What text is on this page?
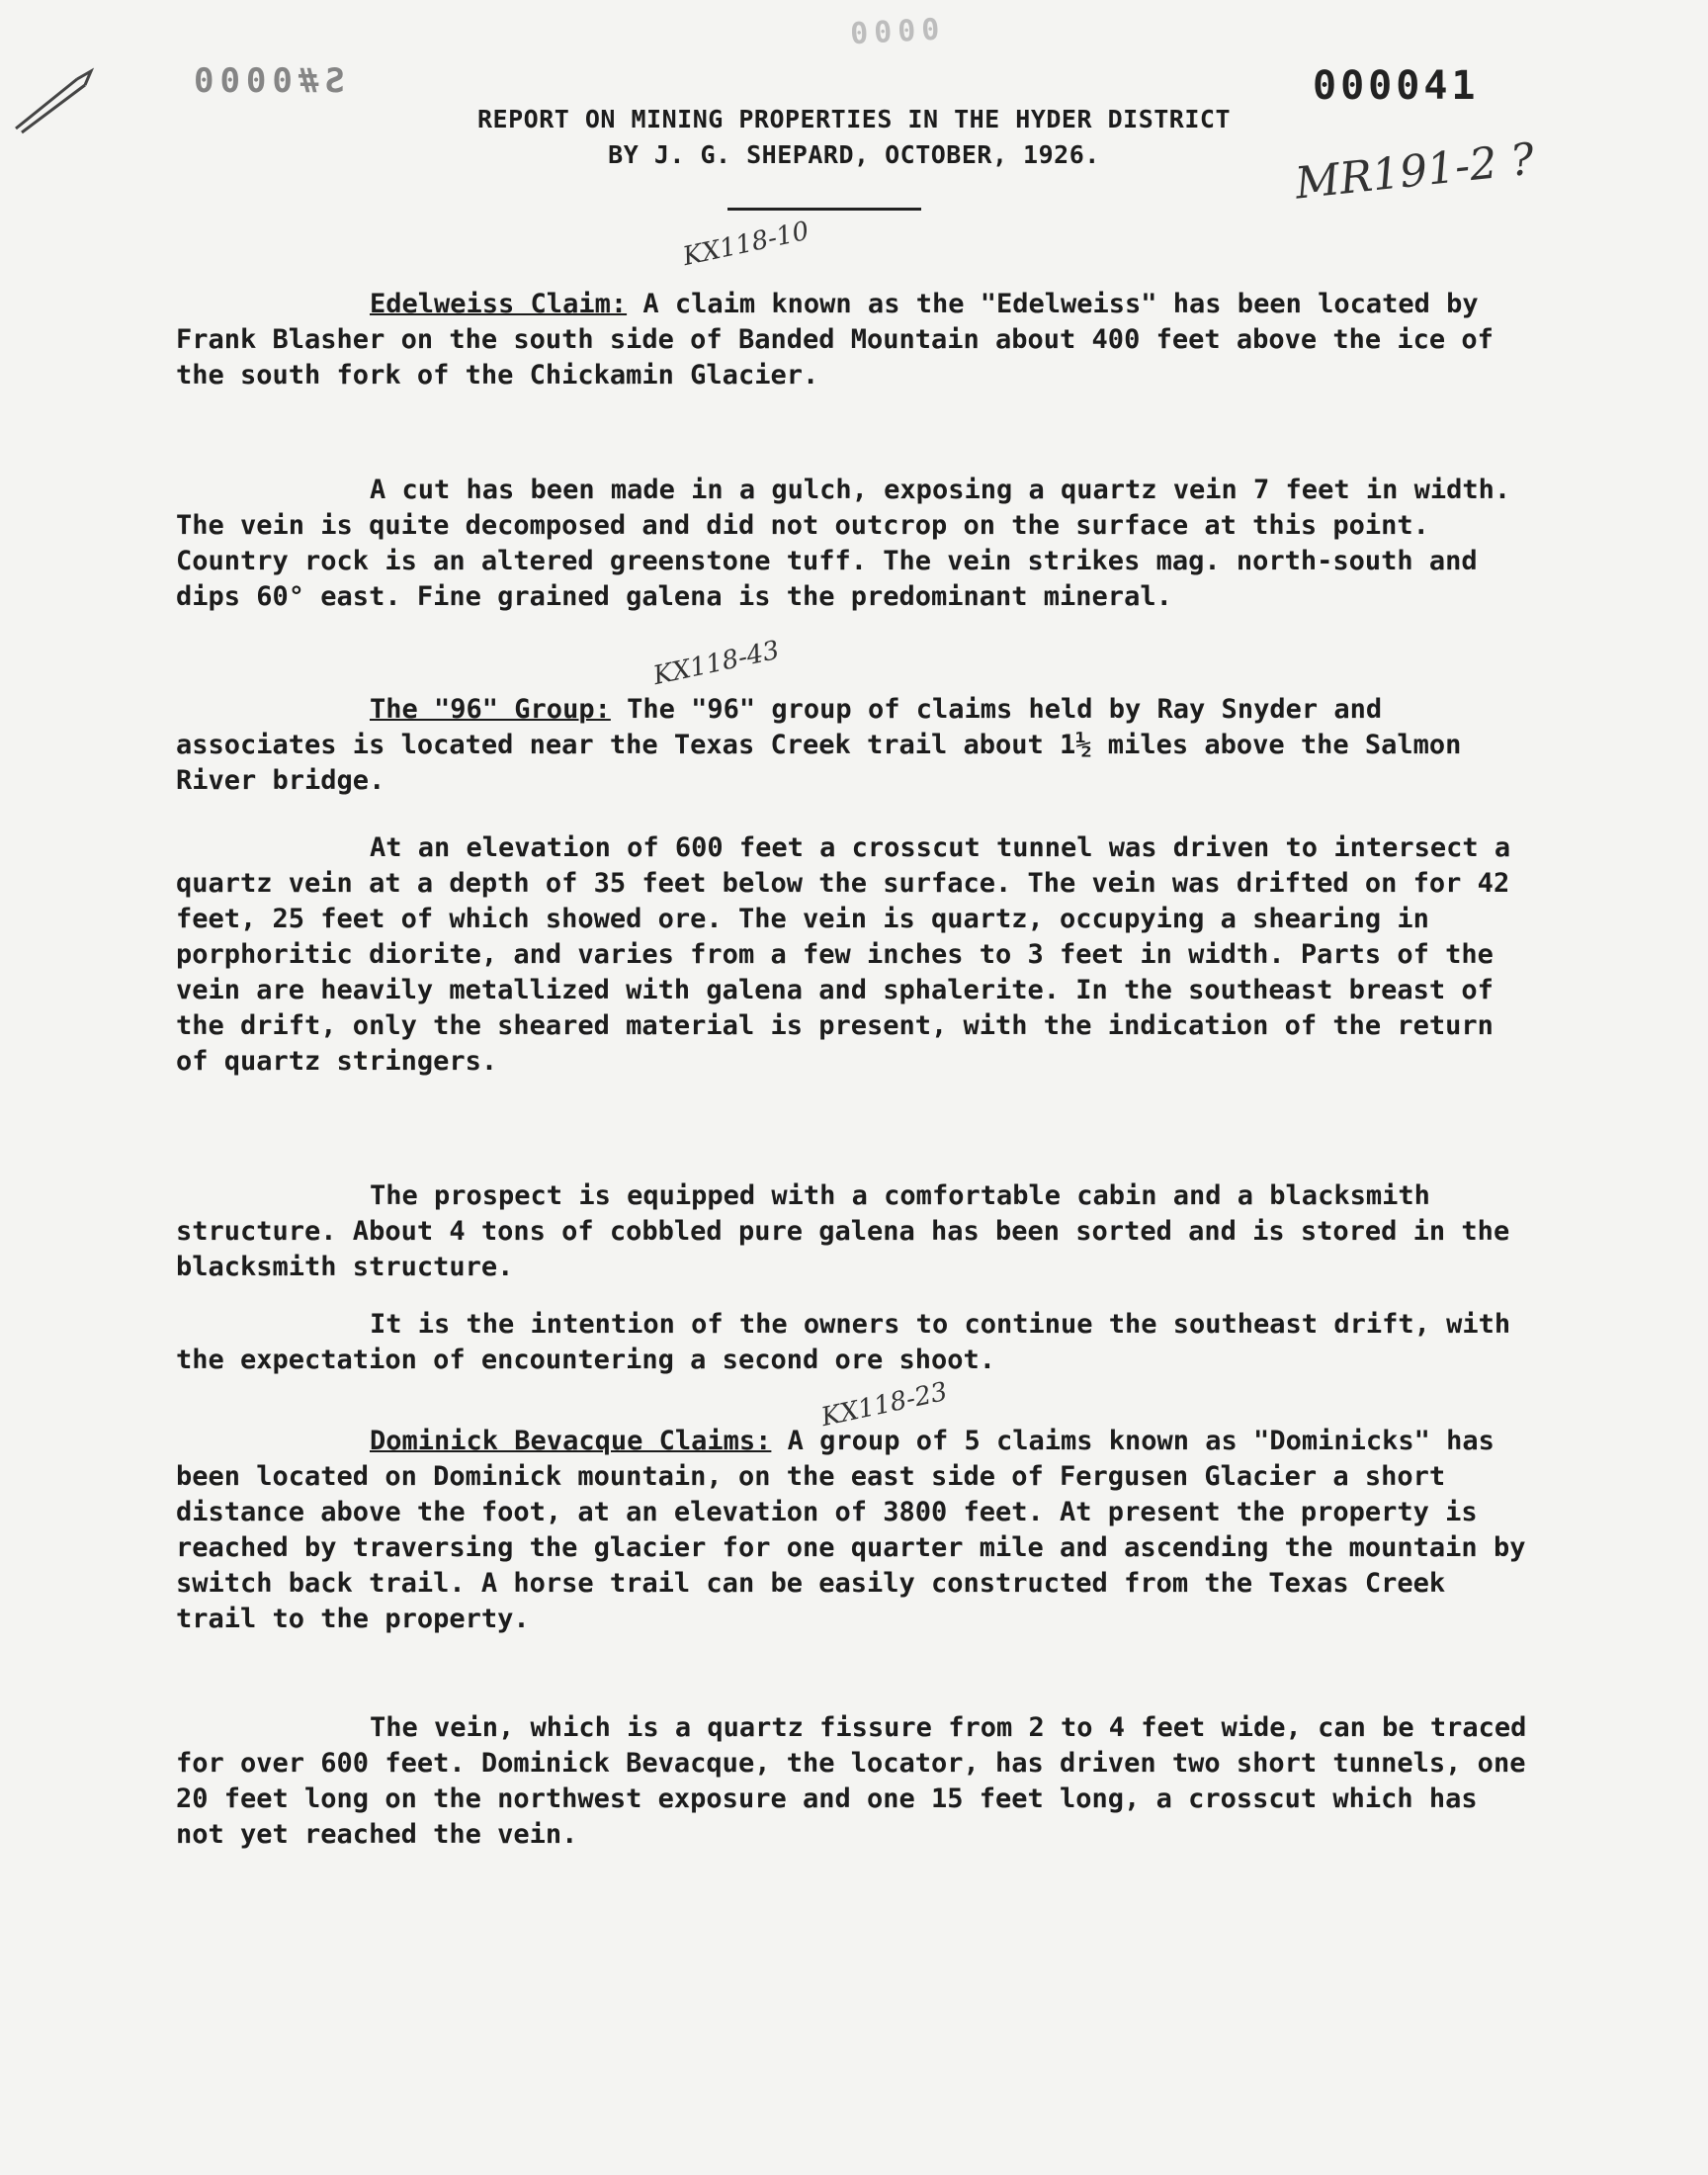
S#0000
0000
000041
MR191-2 ?
REPORT ON MINING PROPERTIES IN THE HYDER DISTRICT
BY J. G. SHEPARD, OCTOBER, 1926.
KX118-10

Edelweiss Claim: A claim known as the "Edelweiss" has been located by Frank Blasher on the south side of Banded Mountain about 400 feet above the ice of the south fork of the Chickamin Glacier.

A cut has been made in a gulch, exposing a quartz vein 7 feet in width. The vein is quite decomposed and did not outcrop on the surface at this point. Country rock is an altered greenstone tuff. The vein strikes mag. north-south and dips 60° east. Fine grained galena is the predominant mineral.

KX118-43

The "96" Group: The "96" group of claims held by Ray Snyder and associates is located near the Texas Creek trail about 1½ miles above the Salmon River bridge.

At an elevation of 600 feet a crosscut tunnel was driven to intersect a quartz vein at a depth of 35 feet below the surface. The vein was drifted on for 42 feet, 25 feet of which showed ore. The vein is quartz, occupying a shearing in porphoritic diorite, and varies from a few inches to 3 feet in width. Parts of the vein are heavily metallized with galena and sphalerite. In the southeast breast of the drift, only the sheared material is present, with the indication of the return of quartz stringers.

The prospect is equipped with a comfortable cabin and a blacksmith structure. About 4 tons of cobbled pure galena has been sorted and is stored in the blacksmith structure.

It is the intention of the owners to continue the southeast drift, with the expectation of encountering a second ore shoot.

KX118-23

Dominick Bevacque Claims: A group of 5 claims known as "Dominicks" has been located on Dominick mountain, on the east side of Fergusen Glacier a short distance above the foot, at an elevation of 3800 feet. At present the property is reached by traversing the glacier for one quarter mile and ascending the mountain by switch back trail. A horse trail can be easily constructed from the Texas Creek trail to the property.

The vein, which is a quartz fissure from 2 to 4 feet wide, can be traced for over 600 feet. Dominick Bevacque, the locator, has driven two short tunnels, one 20 feet long on the northwest exposure and one 15 feet long, a crosscut which has not yet reached the vein.
